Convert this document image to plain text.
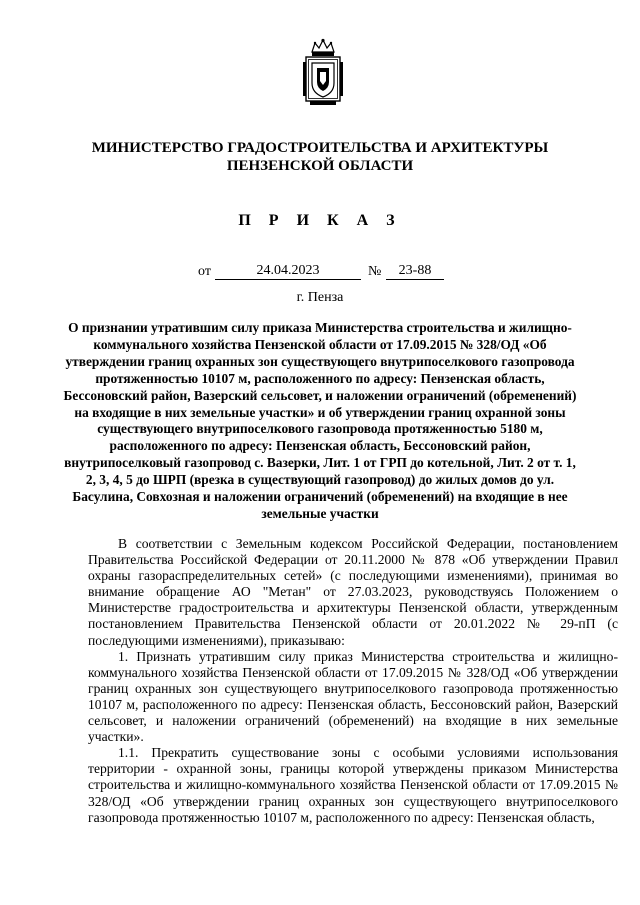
МИНИСТЕРСТВО ГРАДОСТРОИТЕЛЬСТВА И АРХИТЕКТУРЫ ПЕНЗЕНСКОЙ ОБЛАСТИ

П Р И К А З
от	24.04.2023	№	23-88
г. Пенза

О признании утратившим силу приказа Министерства строительства и жилищно-коммунального хозяйства Пензенской области от 17.09.2015 № 328/ОД «Об утверждении границ охранных зон существующего внутрипоселкового газопровода протяженностью 10107 м, расположенного по адресу: Пензенская область, Бессоновский район, Вазерский сельсовет, и наложении ограничений (обременений) на входящие в них земельные участки» и об утверждении границ охранной зоны существующего внутрипоселкового газопровода протяженностью 5180 м, расположенного по адресу: Пензенская область, Бессоновский район, внутрипоселковый газопровод с. Вазерки, Лит. 1 от ГРП до котельной, Лит. 2 от т. 1, 2, 3, 4, 5 до ШРП (врезка в существующий газопровод) до жилых домов до ул. Басулина, Совхозная и наложении ограничений (обременений) на входящие в нее земельные участки

В соответствии с Земельным кодексом Российской Федерации, постановлением Правительства Российской Федерации от 20.11.2000 № 878 «Об утверждении Правил охраны газораспределительных сетей» (с последующими изменениями), принимая во внимание обращение АО "Метан" от 27.03.2023, руководствуясь Положением о Министерстве градостроительства и архитектуры Пензенской области, утвержденным постановлением Правительства Пензенской области от 20.01.2022 № 29-пП (с последующими изменениями), приказываю:

1. Признать утратившим силу приказ Министерства строительства и жилищно-коммунального хозяйства Пензенской области от 17.09.2015 № 328/ОД «Об утверждении границ охранных зон существующего внутрипоселкового газопровода протяженностью 10107 м, расположенного по адресу: Пензенская область, Бессоновский район, Вазерский сельсовет, и наложении ограничений (обременений) на входящие в них земельные участки».

1.1. Прекратить существование зоны с особыми условиями использования территории - охранной зоны, границы которой утверждены приказом Министерства строительства и жилищно-коммунального хозяйства Пензенской области от 17.09.2015 № 328/ОД «Об утверждении границ охранных зон существующего внутрипоселкового газопровода протяженностью 10107 м, расположенного по адресу: Пензенская область,
